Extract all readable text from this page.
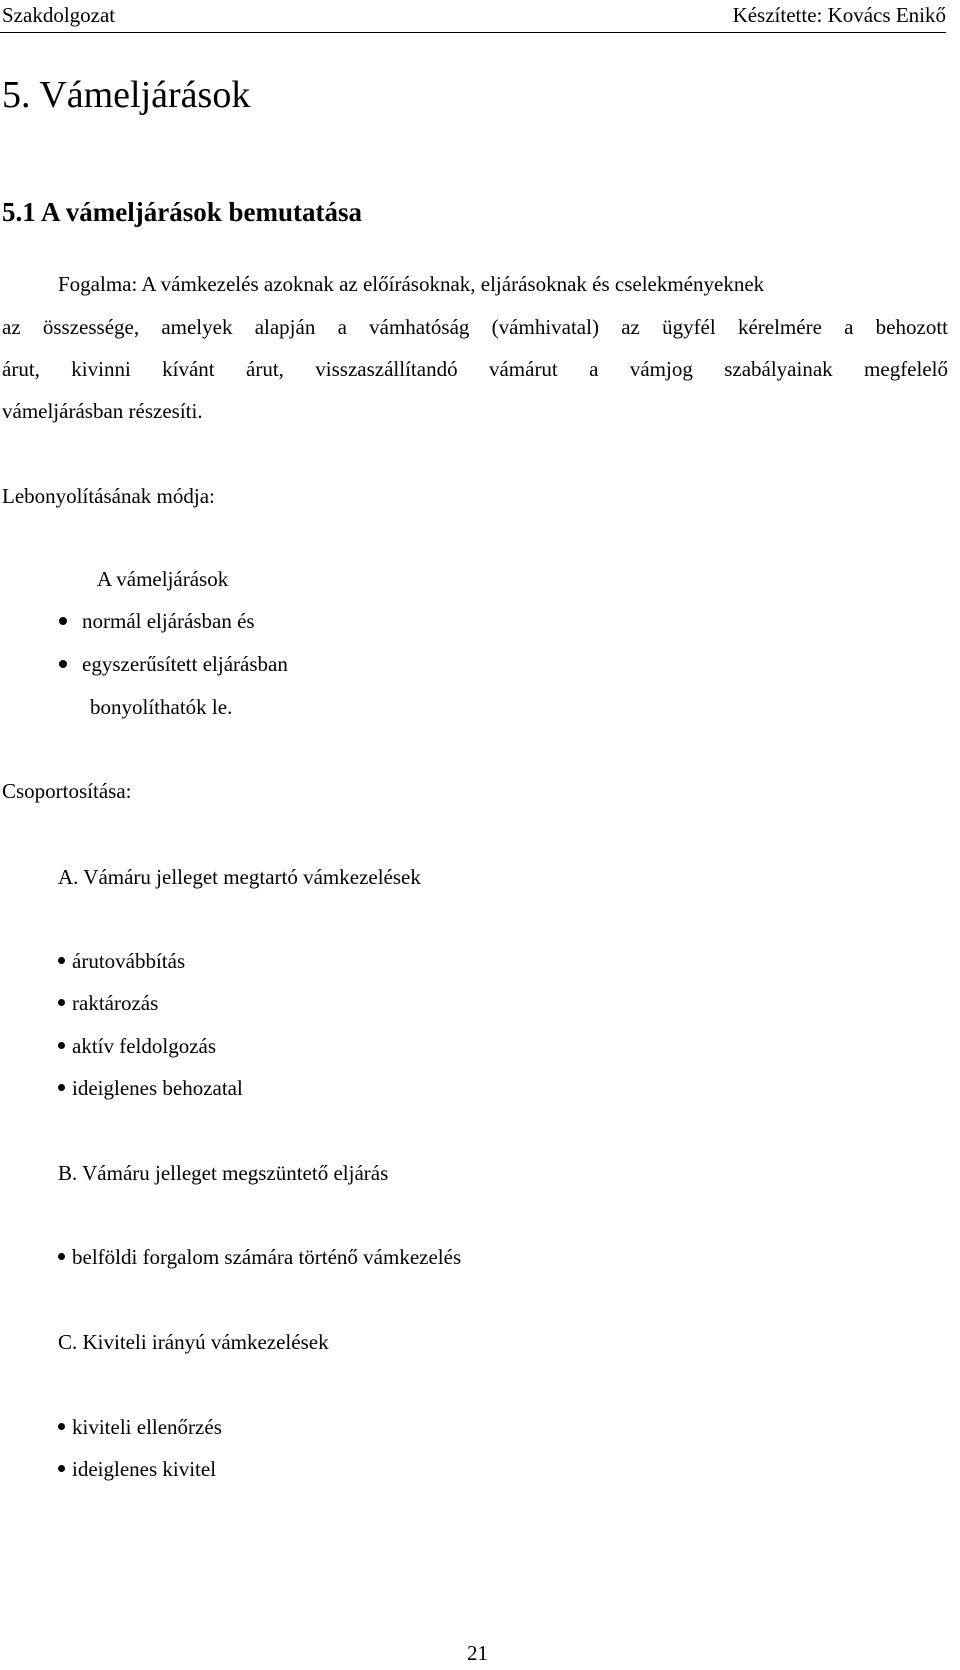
Szakdolgozat	Készítette: Kovács Enikő
5. Vámeljárások
5.1 A vámeljárások bemutatása
Fogalma: A vámkezelés azoknak az előírásoknak, eljárásoknak és cselekményeknek
az összessége, amelyek alapján a vámhatóság (vámhivatal) az ügyfél kérelmére a behozott
árut, kivinni kívánt árut, visszaszállítandó vámárut a vámjog szabályainak megfelelő
vámeljárásban részesíti.
Lebonyolításának módja:
A vámeljárások
normál eljárásban és
egyszerűsített eljárásban
bonyolíthatók le.
Csoportosítása:
A. Vámáru jelleget megtartó vámkezelések
árutovábbítás
raktározás
aktív feldolgozás
ideiglenes behozatal
B. Vámáru jelleget megszüntető eljárás
belföldi forgalom számára történő vámkezelés
C. Kiviteli irányú vámkezelések
kiviteli ellenőrzés
ideiglenes kivitel
21
